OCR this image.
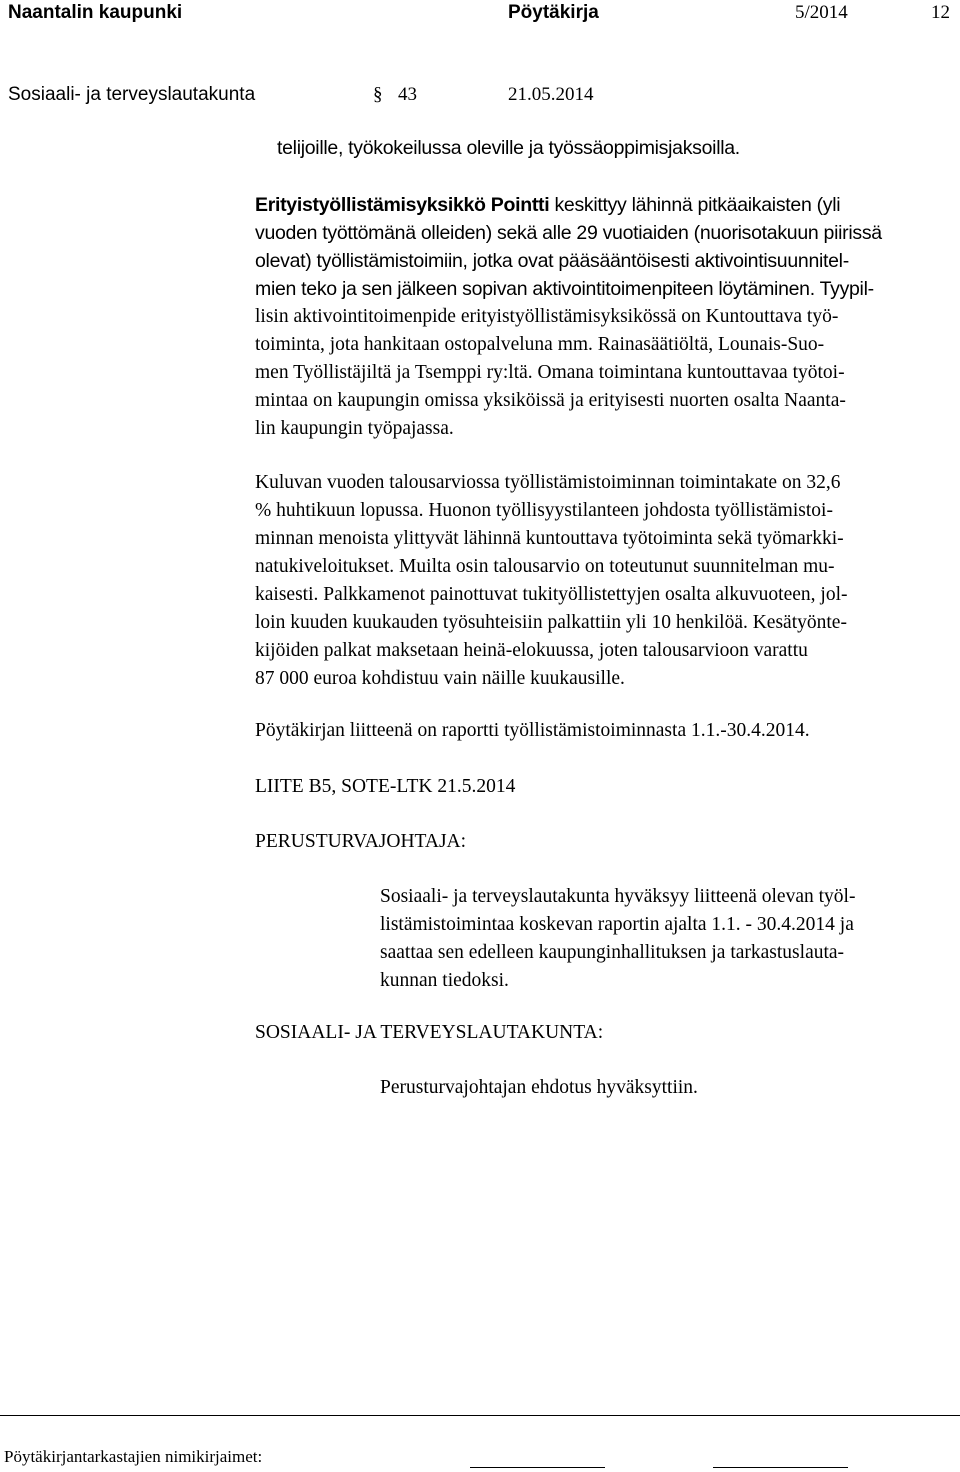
Naantalin kaupunki	Pöytäkirja	5/2014	12
Sosiaali- ja terveyslautakunta	§ 43	21.05.2014
telijoille, työkokeilussa oleville ja työssäoppimisjaksoilla.
Erityistyöllistämisyksikkö Pointti keskittyy lähinnä pitkäaikaisten (yli
vuoden työttömänä olleiden) sekä alle 29 vuotiaiden (nuorisotakuun piirissä
olevat) työllistämistoimiin, jotka ovat pääsääntöisesti aktivointisuunnitel-
mien teko ja sen jälkeen sopivan aktivointitoimenpiteen löytäminen. Tyypil-
lisin aktivointitoimenpide erityistyöllistämisyksikössä on Kuntouttava työ-
toiminta, jota hankitaan ostopalveluna mm. Rainasäätiöltä, Lounais-Suo-
men Työllistäjiltä ja Tsemppi ry:ltä. Omana toimintana kuntouttavaa työtoi-
mintaa on kaupungin omissa yksiköissä ja erityisesti nuorten osalta Naanta-
lin kaupungin työpajassa.
Kuluvan vuoden talousarviossa työllistämistoiminnan toimintakate on 32,6
% huhtikuun lopussa. Huonon työllisyystilanteen johdosta työllistämistoi-
minnan menoista ylittyvät lähinnä kuntouttava työtoiminta sekä työmarkki-
natukiveloitukset. Muilta osin talousarvio on toteutunut suunnitelman mu-
kaisesti. Palkkamenot painottuvat tukityöllistettyjen osalta alkuvuoteen, jol-
loin kuuden kuukauden työsuhteisiin palkattiin yli 10 henkilöä. Kesätyönte-
kijöiden palkat maksetaan heinä-elokuussa, joten talousarvioon varattu
87 000 euroa kohdistuu vain näille kuukausille.
Pöytäkirjan liitteenä on raportti työllistämistoiminnasta 1.1.-30.4.2014.
LIITE B5, SOTE-LTK 21.5.2014
PERUSTURVAJOHTAJA:
Sosiaali- ja terveyslautakunta hyväksyy liitteenä olevan työl-
listämistoimintaa koskevan raportin ajalta 1.1. - 30.4.2014 ja
saattaa sen edelleen kaupunginhallituksen ja tarkastuslauta-
kunnan tiedoksi.
SOSIAALI- JA TERVEYSLAUTAKUNTA:
Perusturvajohtajan ehdotus hyväksyttiin.
Pöytäkirjantarkastajien nimikirjaimet:
